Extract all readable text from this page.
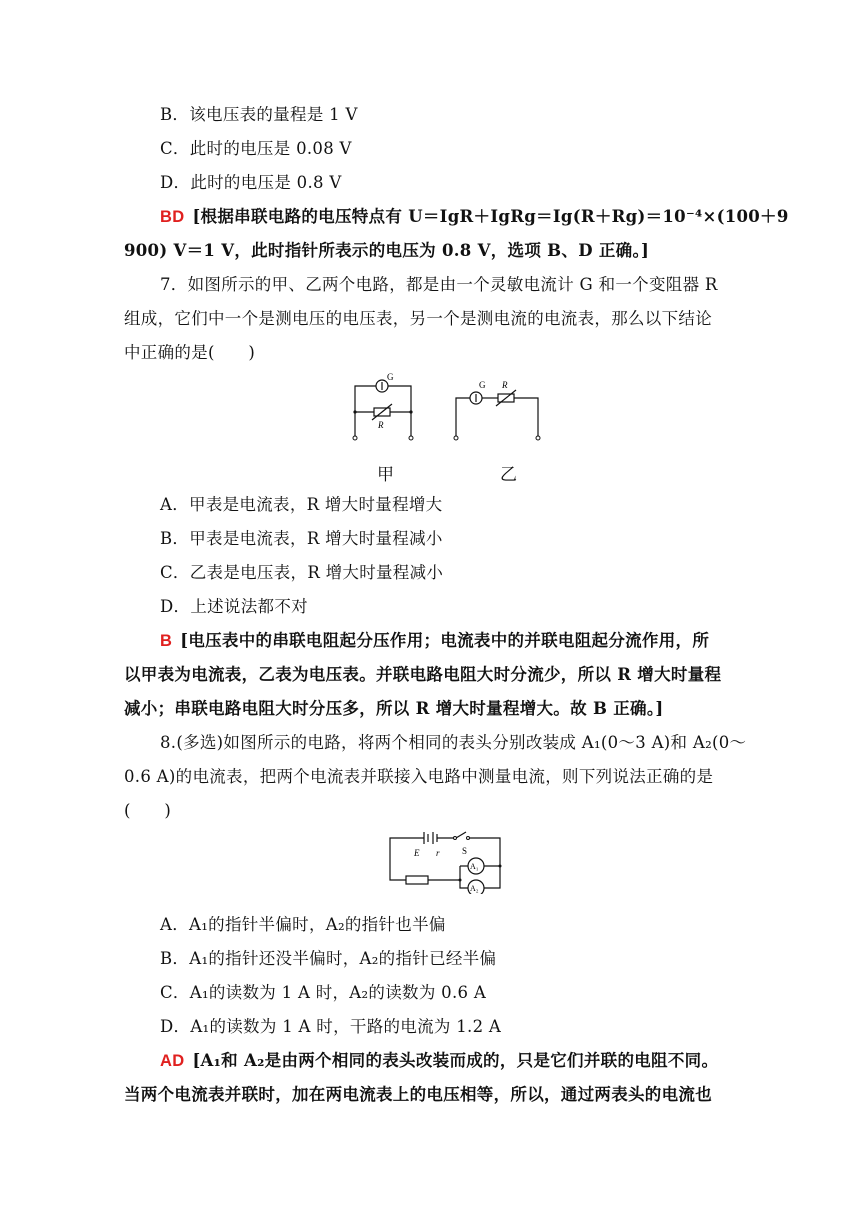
B．该电压表的量程是 1 V
C．此时的电压是 0.08 V
D．此时的电压是 0.8 V
BD [根据串联电路的电压特点有 U＝IgR＋IgRg＝Ig(R＋Rg)＝10⁻⁴×(100＋9
900) V＝1 V，此时指针所表示的电压为 0.8 V，选项 B、D 正确。]
7．如图所示的甲、乙两个电路，都是由一个灵敏电流计 G 和一个变阻器 R
组成，它们中一个是测电压的电压表，另一个是测电流的电流表，那么以下结论
中正确的是(　　)
G
R
G R
甲	乙
A．甲表是电流表，R 增大时量程增大
B．甲表是电流表，R 增大时量程减小
C．乙表是电压表，R 增大时量程减小
D．上述说法都不对
B [电压表中的串联电阻起分压作用；电流表中的并联电阻起分流作用，所
以甲表为电流表，乙表为电压表。并联电路电阻大时分流少，所以 R 增大时量程
减小；串联电路电阻大时分压多，所以 R 增大时量程增大。故 B 正确。]
8.(多选)如图所示的电路，将两个相同的表头分别改装成 A₁(0～3 A)和 A₂(0～
0.6 A)的电流表，把两个电流表并联接入电路中测量电流，则下列说法正确的是
(　　)
E r S
A₁
A₂
A．A₁的指针半偏时，A₂的指针也半偏
B．A₁的指针还没半偏时，A₂的指针已经半偏
C．A₁的读数为 1 A 时，A₂的读数为 0.6 A
D．A₁的读数为 1 A 时，干路的电流为 1.2 A
AD [A₁和 A₂是由两个相同的表头改装而成的，只是它们并联的电阻不同。
当两个电流表并联时，加在两电流表上的电压相等，所以，通过两表头的电流也
